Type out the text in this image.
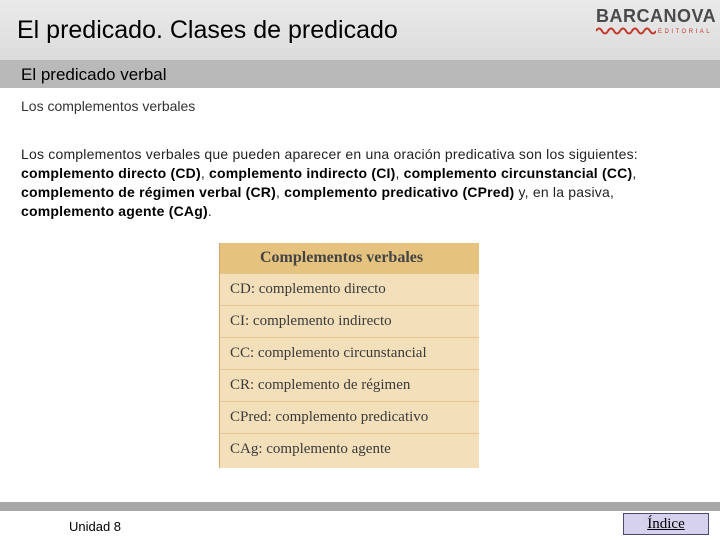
El predicado. Clases de predicado	BARCANOVA
EDITORIAL
El predicado verbal
Los complementos verbales
Los complementos verbales que pueden aparecer en una oración predicativa son los siguientes: complemento directo (CD), complemento indirecto (CI), complemento circunstancial (CC), complemento de régimen verbal (CR), complemento predicativo (CPred) y, en la pasiva, complemento agente (CAg).
Complementos verbales
CD: complemento directo
CI: complemento indirecto
CC: complemento circunstancial
CR: complemento de régimen
CPred: complemento predicativo
CAg: complemento agente
Unidad 8	Índice
